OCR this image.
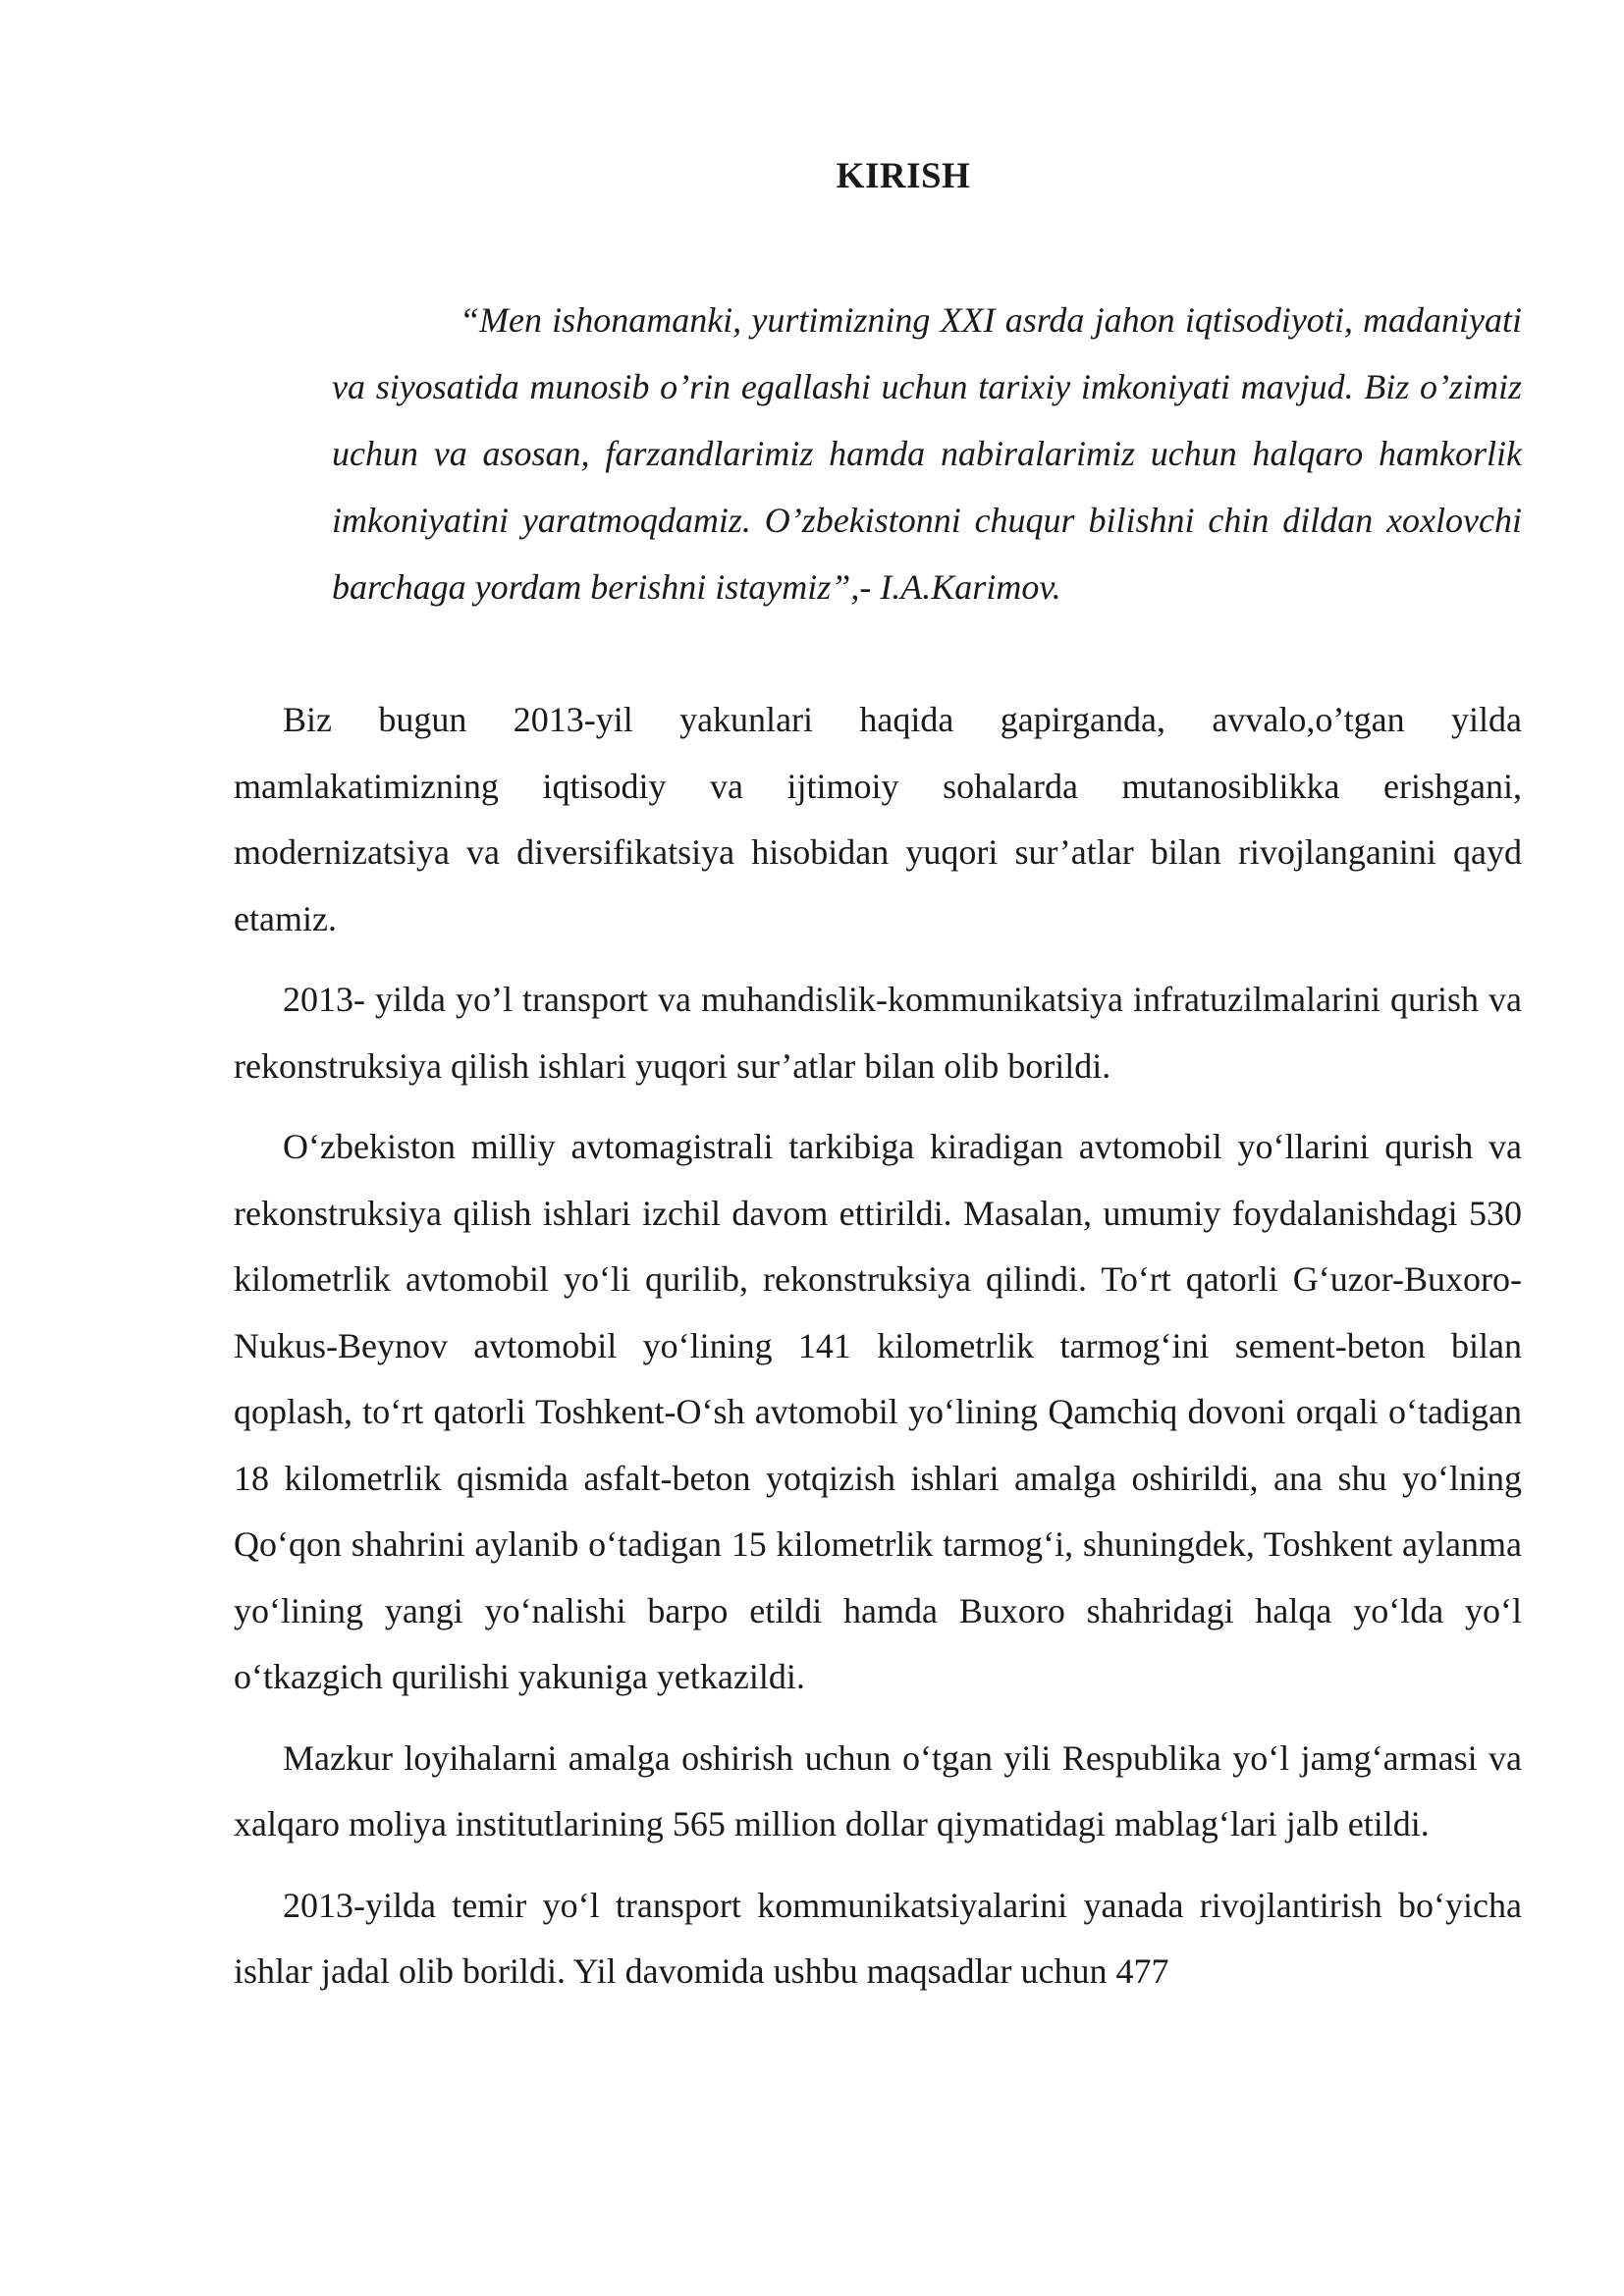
KIRISH
“Men ishonamanki, yurtimizning XXI asrda jahon iqtisodiyoti, madaniyati va siyosatida munosib o’rin egallashi uchun tarixiy imkoniyati mavjud. Biz o’zimiz uchun va asosan, farzandlarimiz hamda nabiralarimiz uchun halqaro hamkorlik imkoniyatini yaratmoqdamiz. O’zbekistonni chuqur bilishni chin dildan xoxlovchi barchaga yordam berishni istaymiz”,- I.A.Karimov.

Biz bugun 2013-yil yakunlari haqida gapirganda, avvalo,o’tgan yilda mamlakatimizning iqtisodiy va ijtimoiy sohalarda mutanosiblikka erishgani, modernizatsiya va diversifikatsiya hisobidan yuqori sur’atlar bilan rivojlanganini qayd etamiz.

2013- yilda yo’l transport va muhandislik-kommunikatsiya infratuzilmalarini qurish va rekonstruksiya qilish ishlari yuqori sur’atlar bilan olib borildi.

O‘zbekiston milliy avtomagistrali tarkibiga kiradigan avtomobil yo‘llarini qurish va rekonstruksiya qilish ishlari izchil davom ettirildi. Masalan, umumiy foydalanishdagi 530 kilometrlik avtomobil yo‘li qurilib, rekonstruksiya qilindi. To‘rt qatorli G‘uzor-Buxoro-Nukus-Beynov avtomobil yo‘lining 141 kilometrlik tarmog‘ini sement-beton bilan qoplash, to‘rt qatorli Toshkent-O‘sh avtomobil yo‘lining Qamchiq dovoni orqali o‘tadigan 18 kilometrlik qismida asfalt-beton yotqizish ishlari amalga oshirildi, ana shu yo‘lning Qo‘qon shahrini aylanib o‘tadigan 15 kilometrlik tarmog‘i, shuningdek, Toshkent aylanma yo‘lining yangi yo‘nalishi barpo etildi hamda Buxoro shahridagi halqa yo‘lda yo‘l o‘tkazgich qurilishi yakuniga yetkazildi.

Mazkur loyihalarni amalga oshirish uchun o‘tgan yili Respublika yo‘l jamg‘armasi va xalqaro moliya institutlarining 565 million dollar qiymatidagi mablag‘lari jalb etildi.

2013-yilda temir yo‘l transport kommunikatsiyalarini yanada rivojlantirish bo‘yicha ishlar jadal olib borildi. Yil davomida ushbu maqsadlar uchun 477
